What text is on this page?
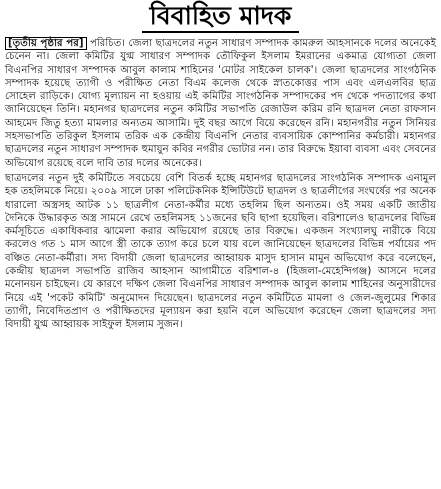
বিবাহিত মাদক

[তৃতীয় পৃষ্ঠার পর] পরিচিত। জেলা ছাত্রদলের নতুন সাধারণ সম্পাদক কামরুল আহসানকে দলের অনেকেই চেনেন না। জেলা কমিটির যুগ্ম সাধারণ সম্পাদক তৌফিকুল ইসলাম ইমরানের একমাত্র যোগ্যতা জেলা বিএনপির সাধারণ সম্পাদক আবুল কালাম শাহিনের 'মোটর সাইকেল চালক'। জেলা ছাত্রদলের সাংগঠনিক সম্পাদক হয়েছে ত্যাগী ও পরীক্ষিত নেতা বিএম কলেজ থেকে স্নাতকোত্তর পাস এবং এলএলবির ছাত্র সোহেল রাড়িকে। যোগ্য মূল্যায়ন না হওয়ায় এই কমিটির সাংগঠনিক সম্পাদকের পদ থেকে পদত্যাগের কথা জানিয়েছেন তিনি। মহানগর ছাত্রদলের নতুন কমিটির সভাপতি রেজাউল করিম রনি ছাত্রদল নেতা রাফসান আহমেদ জিতু হত্যা মামলার অন্যতম আসামি। দুই বছর আগে বিয়ে করেছেন রনি। মহানগরীর নতুন সিনিয়র সহসভাপতি তরিকুল ইসলাম তরিক এক কেন্দ্রীয় বিএনপি নেতার ব্যবসায়িক কোম্পানির কর্মচারী। মহানগর ছাত্রদলের নতুন সাধারণ সম্পাদক হুমায়ুন কবির নগরীর ভোটার নন। তার বিরুদ্ধে ইয়াবা ব্যবসা এবং সেবনের অভিযোগ রয়েছে বলে দাবি তার দলের অনেকের।

ছাত্রদলের নতুন দুই কমিটিতে সবচেয়ে বেশি বিতর্ক হচ্ছে মহানগর ছাত্রদলের সাংগঠনিক সম্পাদক এনামুল হক তহলিমকে নিয়ে। ২০০৯ সালে ঢাকা পলিটেকনিক ইন্সিটিউটে ছাত্রদল ও ছাত্রলীগের সংঘর্ষের পর অনেক ধারালো অস্ত্রসহ আটক ১১ ছাত্রলীগ নেতা-কর্মীর মধ্যে তহলিম ছিল অন্যতম। ওই সময় একটি জাতীয় দৈনিকে উদ্ধারকৃত অস্ত্র সামনে রেখে তহলিমসহ ১১জনের ছবি ছাপা হয়েছিল। বরিশালেও ছাত্রদলের বিভিন্ন কর্মসূচিতে একাধিকবার ঝামেলা করার অভিযোগ রয়েছে তার বিরুদ্ধে। একজন সংখ্যালঘু নারীকে বিয়ে করলেও গত ১ মাস আগে স্ত্রী তাকে ত্যাগ করে চলে যায় বলে জানিয়েছেন ছাত্রদলের বিভিন্ন পর্যায়ের পদ বঞ্চিত নেতা-কর্মীরা। সদ্য বিদায়ী জেলা ছাত্রদলের আহ্বায়ক মাসুদ হাসান মামুন অভিযোগ করে বলেছেন, কেন্দ্রীয় ছাত্রদল সভাপতি রাজিব আহসান আগামীতে বরিশাল-৪ (হিজলা-মেহেন্দিগঞ্জ) আসনে দলের মনোনয়ন চাইছেন। যে কারণে দক্ষিণ জেলা বিএনপির সাধারণ সম্পাদক আবুল কালাম শাহিনের অনুসারীদের নিয়ে এই 'পকেট কমিটি' অনুমোদন দিয়েছেন। ছাত্রদলের নতুন কমিটিতে মামলা ও জেল-জুলুমের শিকার ত্যাগী, নিবেদিতপ্রাণ ও পরীক্ষিতদের মূল্যায়ন করা হয়নি বলে অভিযোগ করেছেন জেলা ছাত্রদলের সদ্য বিদায়ী যুগ্ম আহ্বায়ক সাইফুল ইসলাম সুজন।
